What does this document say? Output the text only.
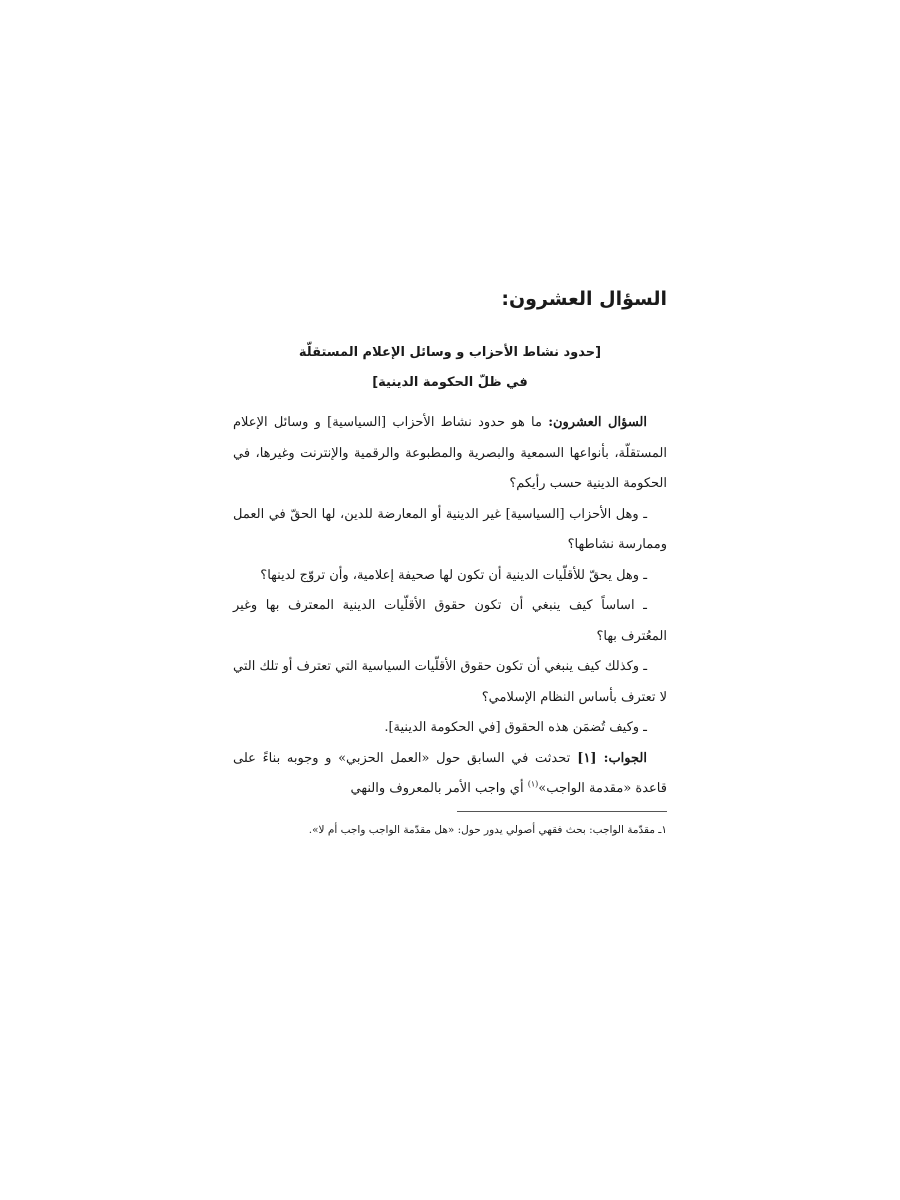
السؤال العشرون:
[حدود نشاط الأحزاب و وسائل الإعلام المستقلّة
في ظلّ الحكومة الدينية]

السؤال العشرون: ما هو حدود نشاط الأحزاب [السياسية] و وسائل الإعلام المستقلّة، بأنواعها السمعية والبصرية والمطبوعة والرقمية والإنترنت وغيرها، في الحكومة الدينية حسب رأيكم؟

ـ وهل الأحزاب [السياسية] غير الدينية أو المعارضة للدين، لها الحقّ في العمل وممارسة نشاطها؟

ـ وهل يحقّ للأقلّيات الدينية أن تكون لها صحيفة إعلامية، وأن تروّج لدينها؟

ـ اساساً كيف ينبغي أن تكون حقوق الأقلّيات الدينية المعترف بها وغير المعُترف بها؟

ـ وكذلك كيف ينبغي أن تكون حقوق الأقلّيات السياسية التي تعترف أو تلك التي لا تعترف بأساس النظام الإسلامي؟

ـ وكيف تُضمَن هذه الحقوق [في الحكومة الدينية].

الجواب: [١] تحدثت في السابق حول «العمل الحزبي» و وجوبه بناءً على قاعدة «مقدمة الواجب»$^{(١)}$ أي واجب الأمر بالمعروف والنهي

١ـ مقدّمة الواجب: بحث فقهي أصولي يدور حول: «هل مقدّمة الواجب واجب أم لا».
